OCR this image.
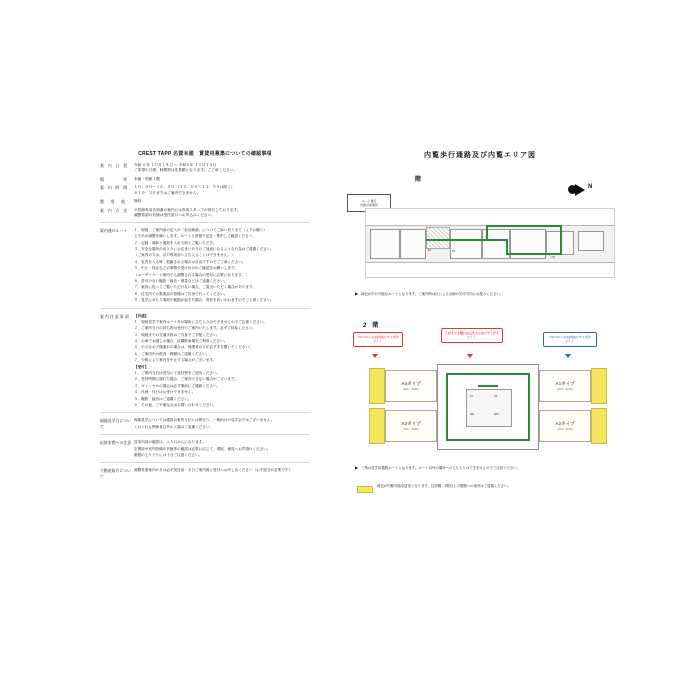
CREST TAPP 名賀本通　賃貸用募集についての確認事項
案 内 日 程	令和 ６年 １０月１８日 ～ 令和６年 １１月１５日
ご希望の日程、時間帯は先着順となります。ご了承ください。
場 　 　 所	本館・別館１階
案 内 時 間	１０：００〜１６：００ （１２：００〜１３：００は除く）
※１０：３０まではご案内できません。
費　用　他	無料
案 内 方 法	※同館専用告知書の案内には専用スタッフが同行しております。
調整希望の有無は受付窓口へお申込みください。
案内通のルート	１．現地、ご案内前の記入が「参加系統」についてご添い切りまで（よりお願い）

じそれが調整を調いします。ルートと設置で記念・集中しご確認ください。

２．記録・調和と通知を入れる形とご覧いただき。

３．安全な場所の出入りにお住まいの方のご迷惑になるような行為はご遠慮ください。

（ご案内の方は、各戸専用部へ立ち入ることはできません。）

４．室内を入る時、混雑される場合は自由ですのでご了承ください。

５．中止・休止などの事情や受け付けのご確認をお願いします。

（ユーザーページ案内でも調整される場合の受付に必要になります。）

６．許可のない撮影・録音・測量などはご遠慮ください。

７．案内に従ってご覧いただけない場合、ご退出いただく場合があります。

８．住宅内での貴重品の管理はご自身で行ってください。

９．見学にあたり事故や破損が起きた場合、責任を負いかねますのでご了承ください。

案 内 注 意 事 項	【共通】

１．現地見学で案内ルート外の場所に立ち入りはできませんのでご注意ください。

２．ご案内当日の持ち物は受付でご案内いたします。必ずご持参ください。

３．現地までの交通手段はご自身でご手配ください。

４．お車でお越しの場合、近隣駐車場をご利用ください。

５．小さなお子様連れの場合は、保護者の方が必ず手を繋いでください。

６．ご案内中の飲食・喫煙はご遠慮ください。

７．天候により案内を中止する場合がございます。

【受付】

１．ご案内当日は受付にて受付票をご提出ください。

２．受付時間に遅れた場合、ご案内できない場合がございます。

３．キャンセルの場合は必ず事前にご連絡ください。

４．代理・代行はお受けできません。

５．撮影・録音はご遠慮ください。

６．その他、ご不明な点はお問い合わせください。

現地見学日について

現地見学については通常の案内方法とは異なり、一般向けの見学会ではございません。

くれぐれも関係者以外の入場はご遠慮ください。

応接室間への注意 居室内部の確認は、入り口からになります。

玄関扉や室内設備の状態等の確認は必要に応じて、現地、係員へお声掛けください。

階段の上り下りには十分ご注意ください。

不動産紹介について

調整希望案内の方は必ず受付前・当日ご案内後に受付へお申し出ください（お手続きが必要です）

内覧歩行通路及び内覧エリア図
階
ルート通行
内覧可能箇所
N
EV	PS
玄関
▶ 緑色が歩行可能なルートとなります。ご案内時は区による点線の矢印方向にお進みください。
2　階
バルコニーには出ないでください！！
これより上階には立ち入らないでください！！	バルコニーには出ないでください！！
EV	PS
MB	EPS
A4タイプ
(80m²・3LDK)
A3タイプ
(78m²・3LDK)
A1タイプ
(65m²・2LDK)
A2タイプ
(70m²・2LDK)
▶ 三角は見学用通路ルートとなります。ルート以外の場所への立ち入りはできませんのでご注意ください。
黄色が内覧可能な居室となります。住居棟・2階以上の階層への案内はご遠慮ください。
